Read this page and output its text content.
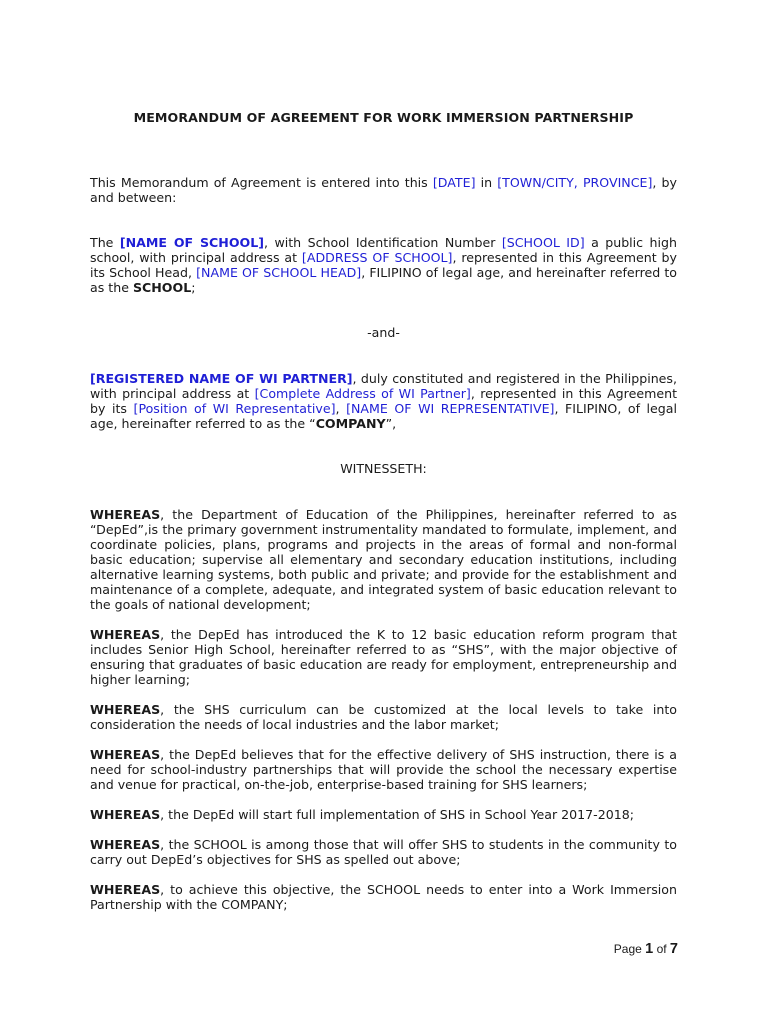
MEMORANDUM OF AGREEMENT FOR WORK IMMERSION PARTNERSHIP

This Memorandum of Agreement is entered into this [DATE] in [TOWN/CITY, PROVINCE], by and between:

The [NAME OF SCHOOL], with School Identification Number [SCHOOL ID] a public high school, with principal address at [ADDRESS OF SCHOOL], represented in this Agreement by its School Head, [NAME OF SCHOOL HEAD], FILIPINO of legal age, and hereinafter referred to as the SCHOOL;

-and-

[REGISTERED NAME OF WI PARTNER], duly constituted and registered in the Philippines, with principal address at [Complete Address of WI Partner], represented in this Agreement by its [Position of WI Representative], [NAME OF WI REPRESENTATIVE], FILIPINO, of legal age, hereinafter referred to as the “COMPANY”,

WITNESSETH:

WHEREAS, the Department of Education of the Philippines, hereinafter referred to as “DepEd”,is the primary government instrumentality mandated to formulate, implement, and coordinate policies, plans, programs and projects in the areas of formal and non-formal basic education; supervise all elementary and secondary education institutions, including alternative learning systems, both public and private; and provide for the establishment and maintenance of a complete, adequate, and integrated system of basic education relevant to the goals of national development;

WHEREAS, the DepEd has introduced the K to 12 basic education reform program that includes Senior High School, hereinafter referred to as “SHS”, with the major objective of ensuring that graduates of basic education are ready for employment, entrepreneurship and higher learning;

WHEREAS, the SHS curriculum can be customized at the local levels to take into consideration the needs of local industries and the labor market;

WHEREAS, the DepEd believes that for the effective delivery of SHS instruction, there is a need for school-industry partnerships that will provide the school the necessary expertise and venue for practical, on-the-job, enterprise-based training for SHS learners;

WHEREAS, the DepEd will start full implementation of SHS in School Year 2017-2018;

WHEREAS, the SCHOOL is among those that will offer SHS to students in the community to carry out DepEd’s objectives for SHS as spelled out above;

WHEREAS, to achieve this objective, the SCHOOL needs to enter into a Work Immersion Partnership with the COMPANY;

Page 1 of 7
